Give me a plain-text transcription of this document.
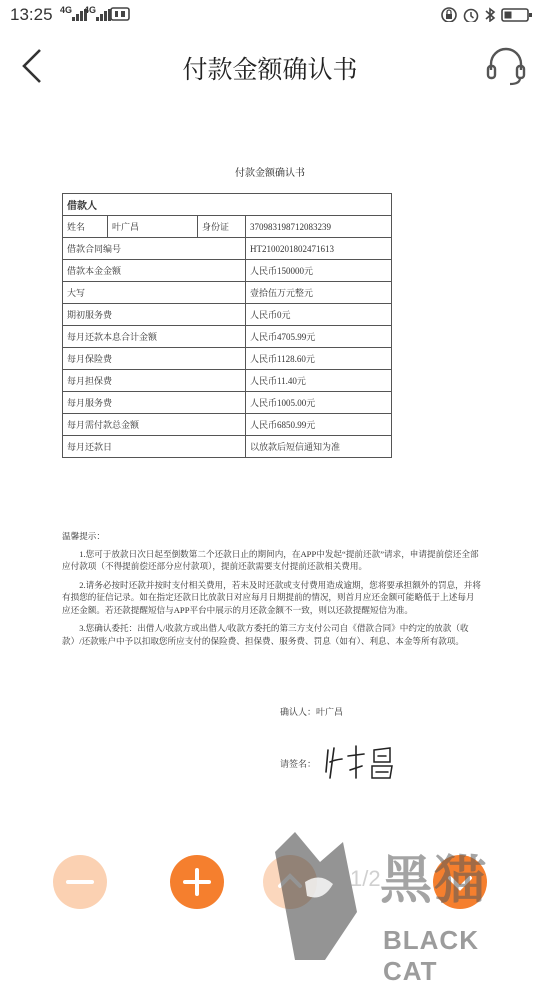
13:25 4G 4G
付款金额确认书
付款金额确认书
借款人			
姓名	叶广昌	身份证	370983198712083239
借款合同编号			HT2100201802471613
借款本金金额			人民币150000元
大写			壹拾伍万元整元
期初服务费			人民币0元
每月还款本息合计金额			人民币4705.99元
每月保险费			人民币1128.60元
每月担保费			人民币11.40元
每月服务费			人民币1005.00元
每月需付款总金额			人民币6850.99元
每月还款日			以放款后短信通知为准

温馨提示：

1.您可于放款日次日起至倒数第二个还款日止的期间内，在APP中发起“提前还款”请求，申请提前偿还全部应付款项（不得提前偿还部分应付款项），提前还款需要支付提前还款相关费用。

2.请务必按时还款并按时支付相关费用，若未及时还款或支付费用造成逾期，您将要承担额外的罚息，并将有损您的征信记录。如在指定还款日比放款日对应每月日期提前的情况，则首月应还金额可能略低于上述每月应还金额。若还款提醒短信与APP平台中展示的月还款金额不一致，则以还款提醒短信为准。

3.您确认委托：出借人/收款方或出借人/收款方委托的第三方支付公司自《借款合同》中约定的放款（收款）/还款账户中予以扣取您所应支付的保险费、担保费、服务费、罚息（如有）、利息、本金等所有款项。

确认人：叶广昌
请签名：
1/2 黑猫
BLACK CAT
